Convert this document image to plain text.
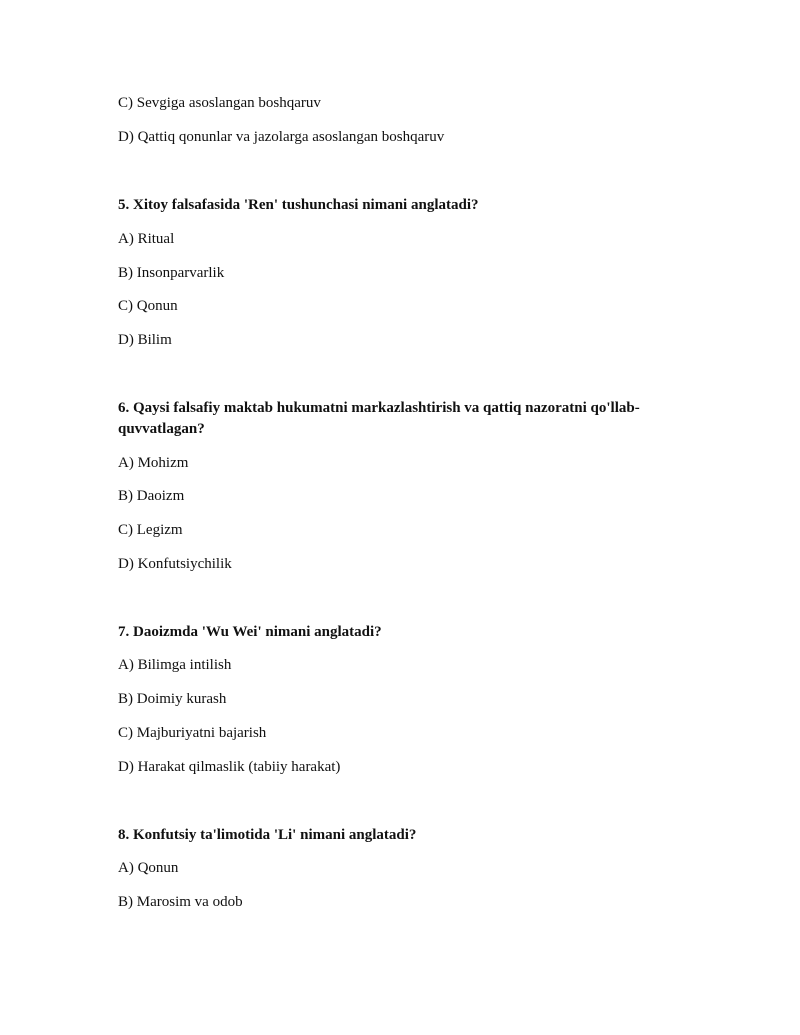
C) Sevgiga asoslangan boshqaruv
D) Qattiq qonunlar va jazolarga asoslangan boshqaruv
5. Xitoy falsafasida 'Ren' tushunchasi nimani anglatadi?
A) Ritual
B) Insonparvarlik
C) Qonun
D) Bilim
6. Qaysi falsafiy maktab hukumatni markazlashtirish va qattiq nazoratni qo'llab-
quvvatlagan?
A) Mohizm
B) Daoizm
C) Legizm
D) Konfutsiychilik
7. Daoizmda 'Wu Wei' nimani anglatadi?
A) Bilimga intilish
B) Doimiy kurash
C) Majburiyatni bajarish
D) Harakat qilmaslik (tabiiy harakat)
8. Konfutsiy ta'limotida 'Li' nimani anglatadi?
A) Qonun
B) Marosim va odob
